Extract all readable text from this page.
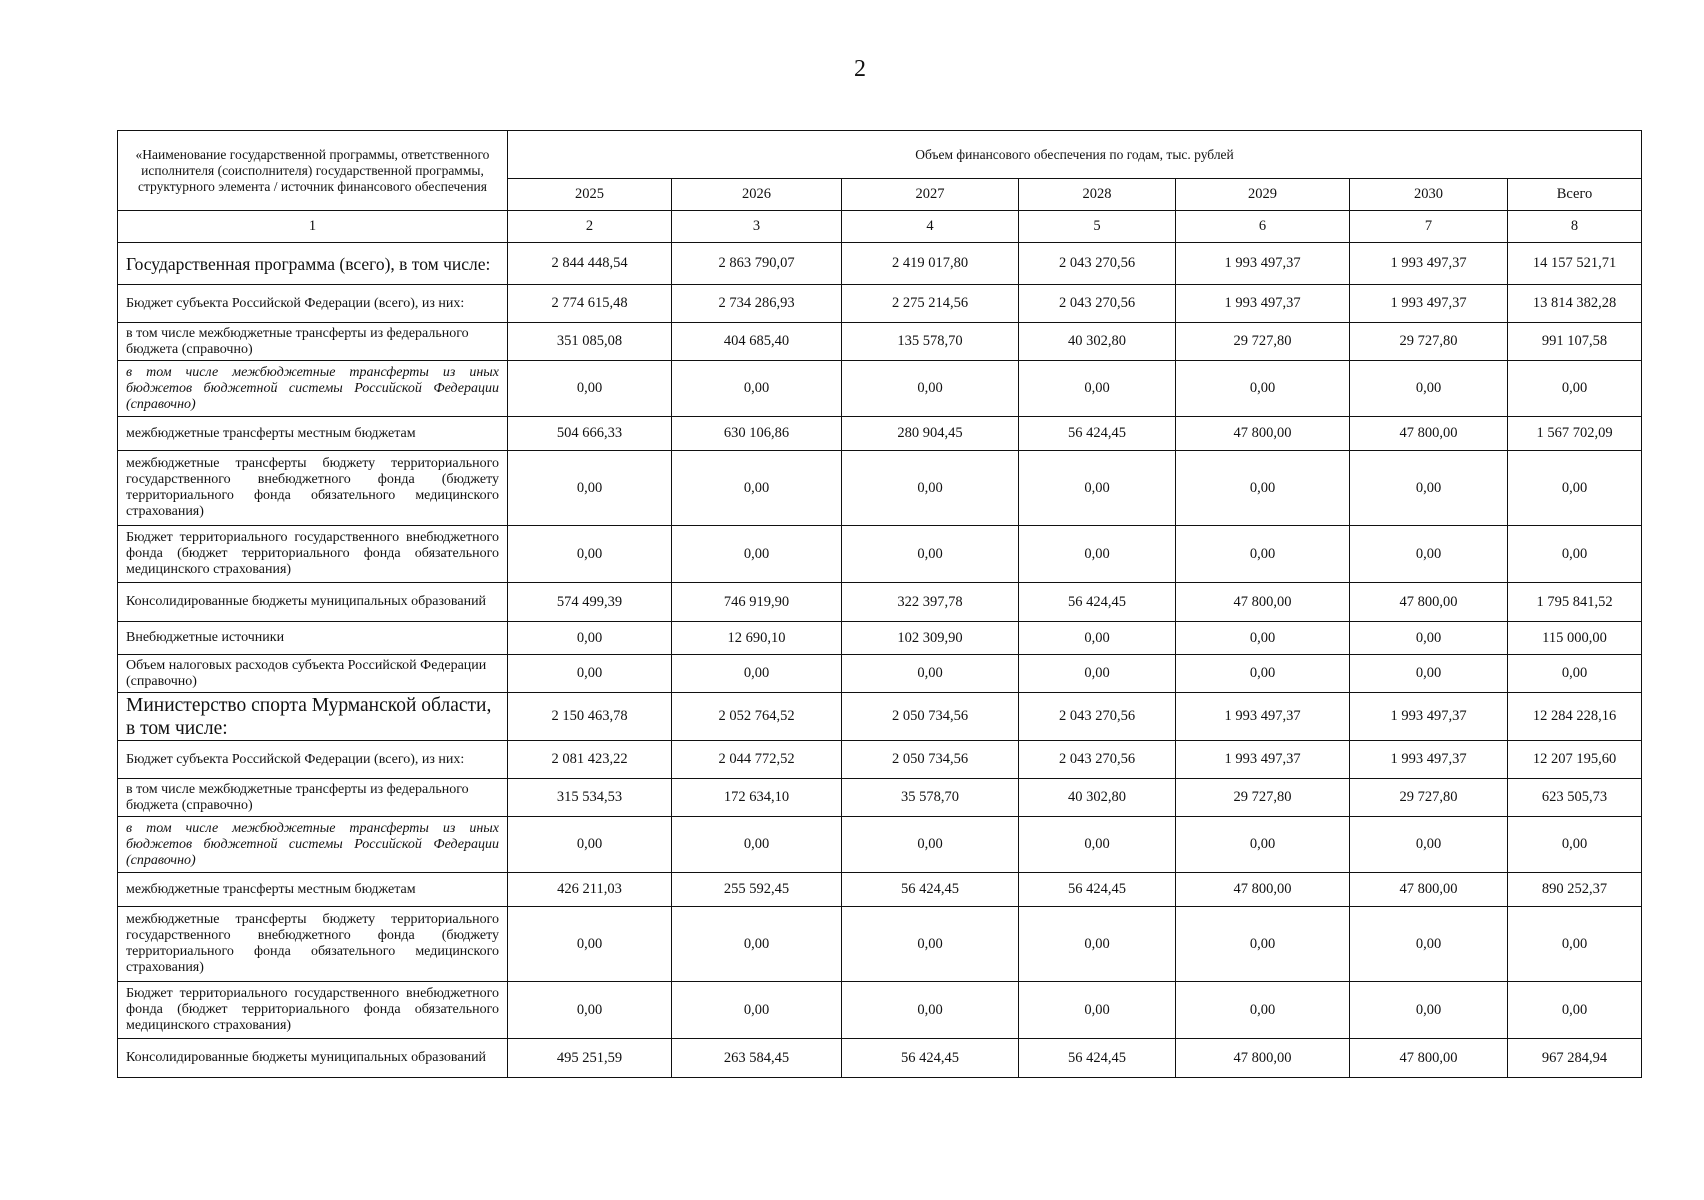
2
«Наименование государственной программы, ответственного исполнителя (соисполнителя) государственной программы, структурного элемента / источник финансового обеспечения	Объем финансового обеспечения по годам, тыс. рублей						
	2025	2026	2027	2028	2029	2030	Всего
1	2	3	4	5	6	7	8
Государственная программа (всего), в том числе:	2 844 448,54	2 863 790,07	2 419 017,80	2 043 270,56	1 993 497,37	1 993 497,37	14 157 521,71
Бюджет субъекта Российской Федерации (всего), из них:	2 774 615,48	2 734 286,93	2 275 214,56	2 043 270,56	1 993 497,37	1 993 497,37	13 814 382,28
в том числе межбюджетные трансферты из федерального бюджета (справочно)	351 085,08	404 685,40	135 578,70	40 302,80	29 727,80	29 727,80	991 107,58
в том числе межбюджетные трансферты из иных бюджетов бюджетной системы Российской Федерации (справочно)	0,00	0,00	0,00	0,00	0,00	0,00	0,00
межбюджетные трансферты местным бюджетам	504 666,33	630 106,86	280 904,45	56 424,45	47 800,00	47 800,00	1 567 702,09
межбюджетные трансферты бюджету территориального государственного внебюджетного фонда (бюджету территориального фонда обязательного медицинского страхования)	0,00	0,00	0,00	0,00	0,00	0,00	0,00
Бюджет территориального государственного внебюджетного фонда (бюджет территориального фонда обязательного медицинского страхования)	0,00	0,00	0,00	0,00	0,00	0,00	0,00
Консолидированные бюджеты муниципальных образований	574 499,39	746 919,90	322 397,78	56 424,45	47 800,00	47 800,00	1 795 841,52
Внебюджетные источники	0,00	12 690,10	102 309,90	0,00	0,00	0,00	115 000,00
Объем налоговых расходов субъекта Российской Федерации (справочно)	0,00	0,00	0,00	0,00	0,00	0,00	0,00
Министерство спорта Мурманской области, в том числе:	2 150 463,78	2 052 764,52	2 050 734,56	2 043 270,56	1 993 497,37	1 993 497,37	12 284 228,16
Бюджет субъекта Российской Федерации (всего), из них:	2 081 423,22	2 044 772,52	2 050 734,56	2 043 270,56	1 993 497,37	1 993 497,37	12 207 195,60
в том числе межбюджетные трансферты из федерального бюджета (справочно)	315 534,53	172 634,10	35 578,70	40 302,80	29 727,80	29 727,80	623 505,73
в том числе межбюджетные трансферты из иных бюджетов бюджетной системы Российской Федерации (справочно)	0,00	0,00	0,00	0,00	0,00	0,00	0,00
межбюджетные трансферты местным бюджетам	426 211,03	255 592,45	56 424,45	56 424,45	47 800,00	47 800,00	890 252,37
межбюджетные трансферты бюджету территориального государственного внебюджетного фонда (бюджету территориального фонда обязательного медицинского страхования)	0,00	0,00	0,00	0,00	0,00	0,00	0,00
Бюджет территориального государственного внебюджетного фонда (бюджет территориального фонда обязательного медицинского страхования)	0,00	0,00	0,00	0,00	0,00	0,00	0,00
Консолидированные бюджеты муниципальных образований	495 251,59	263 584,45	56 424,45	56 424,45	47 800,00	47 800,00	967 284,94
